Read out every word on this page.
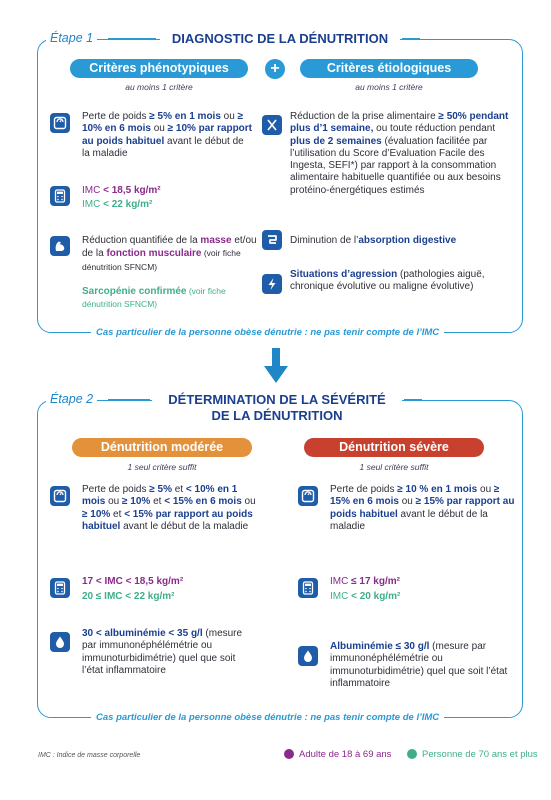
Étape 1	DIAGNOSTIC DE LA DÉNUTRITION
Critères phénotypiques	+	Critères étiologiques
au moins 1 critère	au moins 1 critère
Perte de poids ≥ 5% en 1 mois ou ≥ 10% en 6 mois ou ≥ 10% par rapport au poids habituel avant le début de la maladie
IMC < 18,5 kg/m²
IMC < 22 kg/m²
Réduction quantifiée de la masse et/ou de la fonction musculaire (voir fiche dénutrition SFNCM)
Sarcopénie confirmée (voir fiche dénutrition SFNCM)
Réduction de la prise alimentaire ≥ 50% pendant plus d’1 semaine, ou toute réduction pendant plus de 2 semaines (évaluation facilitée par l’utilisation du Score d’Evaluation Facile des Ingesta, SEFI*) par rapport à la consommation alimentaire habituelle quantifiée ou aux besoins protéino-énergétiques estimés
Diminution de l’absorption digestive
Situations d’agression (pathologies aiguë, chronique évolutive ou maligne évolutive)
Cas particulier de la personne obèse dénutrie : ne pas tenir compte de l’IMC
Étape 2	DÉTERMINATION DE LA SÉVÉRITÉ
DE LA DÉNUTRITION
Dénutrition modérée	Dénutrition sévère
1 seul critère suffit	1 seul critère suffit
Perte de poids ≥ 5% et < 10% en 1 mois ou ≥ 10% et < 15% en 6 mois ou ≥ 10% et < 15% par rapport au poids habituel avant le début de la maladie
17 < IMC < 18,5 kg/m²
20 ≤ IMC < 22 kg/m²
30 < albuminémie < 35 g/l (mesure par immunonéphélémétrie ou immunoturbidimétrie) quel que soit l’état inflammatoire
Perte de poids ≥ 10 % en 1 mois ou ≥ 15% en 6 mois ou ≥ 15% par rapport au poids habituel avant le début de la maladie
IMC ≤ 17 kg/m²
IMC < 20 kg/m²
Albuminémie ≤ 30 g/l (mesure par immunonéphélémétrie ou immunoturbidimétrie) quel que soit l’état inflammatoire
Cas particulier de la personne obèse dénutrie : ne pas tenir compte de l’IMC
IMC : Indice de masse corporelle	Adulte de 18 à 69 ans	Personne de 70 ans et plus
